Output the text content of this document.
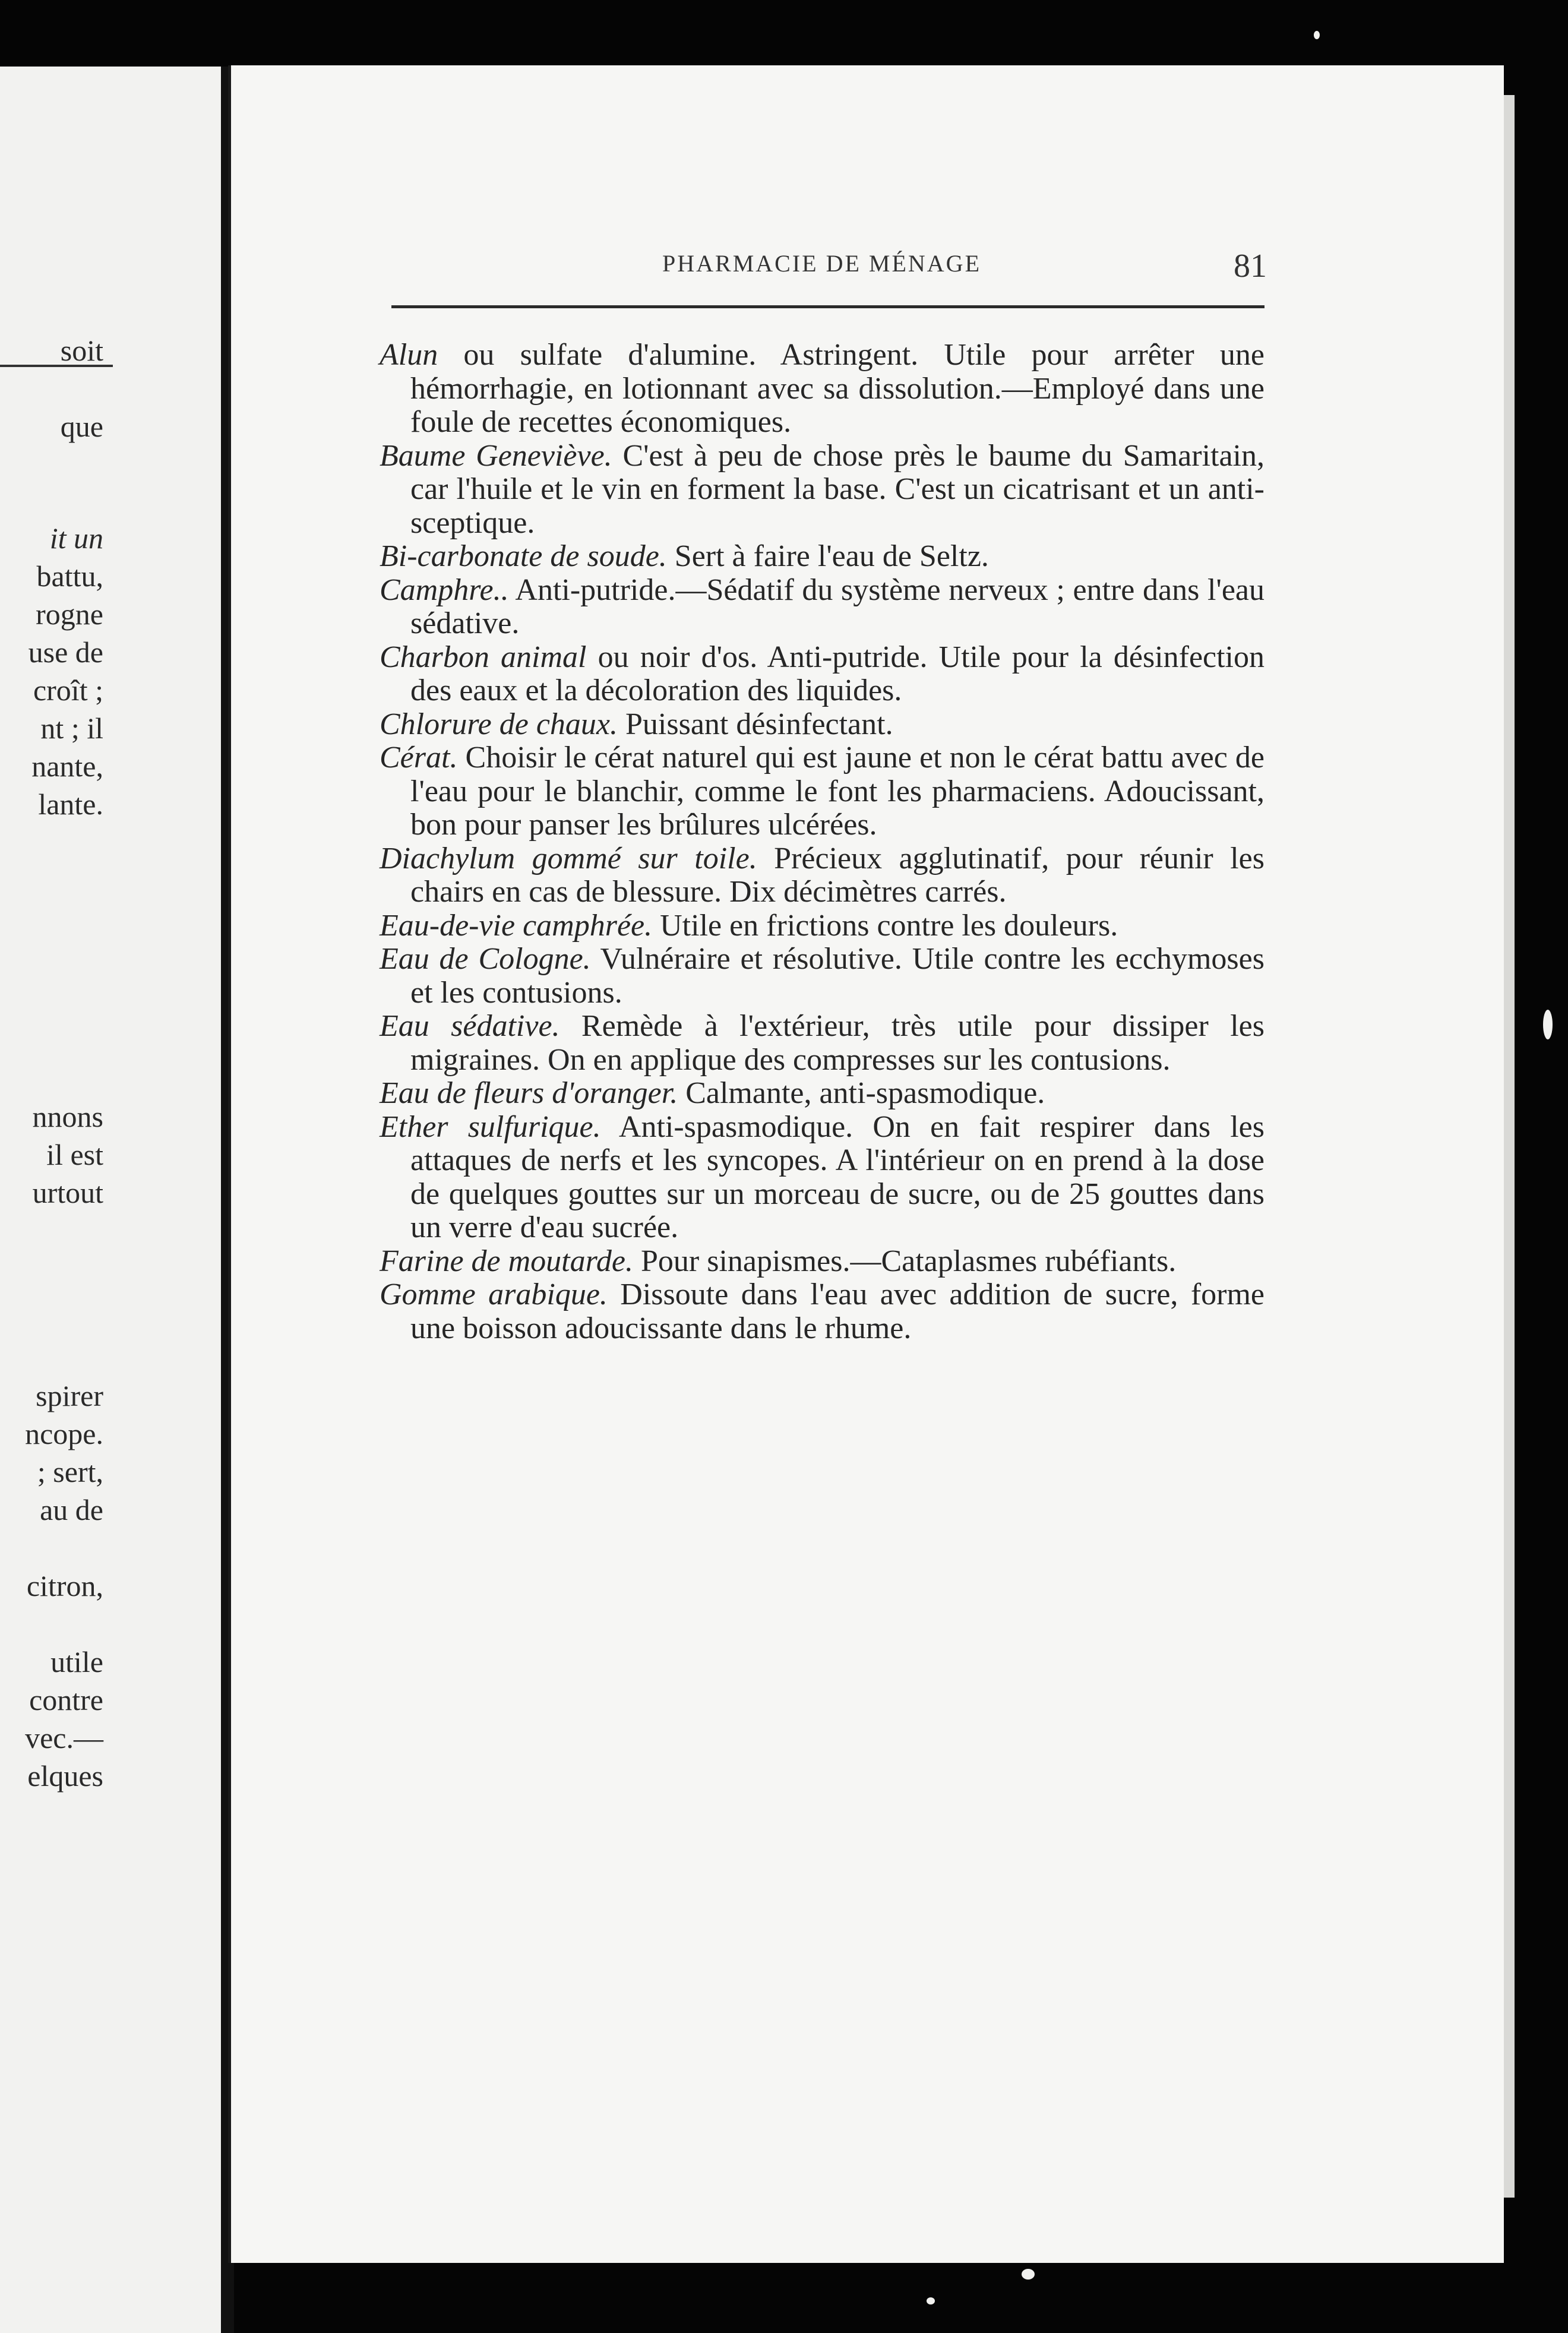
soit
que
it un
battu,
rogne
use de
croît ;
nt ; il
nante,
lante.
nnons
il est
urtout
spirer
ncope.
; sert,
au de
citron,
utile
contre
vec.—
elques
PHARMACIE DE MÉNAGE	81

Alun ou sulfate d'alumine. Astringent. Utile pour arrêter une hémorrhagie, en lotionnant avec sa dissolution.—Employé dans une foule de recettes économiques.

Baume Geneviève. C'est à peu de chose près le baume du Samaritain, car l'huile et le vin en forment la base. C'est un cicatrisant et un anti-sceptique.

Bi-carbonate de soude. Sert à faire l'eau de Seltz.

Camphre.. Anti-putride.—Sédatif du système nerveux ; entre dans l'eau sédative.

Charbon animal ou noir d'os. Anti-putride. Utile pour la désinfection des eaux et la décoloration des liquides.

Chlorure de chaux. Puissant désinfectant.

Cérat. Choisir le cérat naturel qui est jaune et non le cérat battu avec de l'eau pour le blanchir, comme le font les pharmaciens. Adoucissant, bon pour panser les brûlures ulcérées.

Diachylum gommé sur toile. Précieux agglutinatif, pour réunir les chairs en cas de blessure. Dix décimètres carrés.

Eau-de-vie camphrée. Utile en frictions contre les douleurs.

Eau de Cologne. Vulnéraire et résolutive. Utile contre les ecchymoses et les contusions.

Eau sédative. Remède à l'extérieur, très utile pour dissiper les migraines. On en applique des compresses sur les contusions.

Eau de fleurs d'oranger. Calmante, anti-spasmodique.

Ether sulfurique. Anti-spasmodique. On en fait respirer dans les attaques de nerfs et les syncopes. A l'intérieur on en prend à la dose de quelques gouttes sur un morceau de sucre, ou de 25 gouttes dans un verre d'eau sucrée.

Farine de moutarde. Pour sinapismes.—Cataplasmes rubéfiants.

Gomme arabique. Dissoute dans l'eau avec addition de sucre, forme une boisson adoucissante dans le rhume.
